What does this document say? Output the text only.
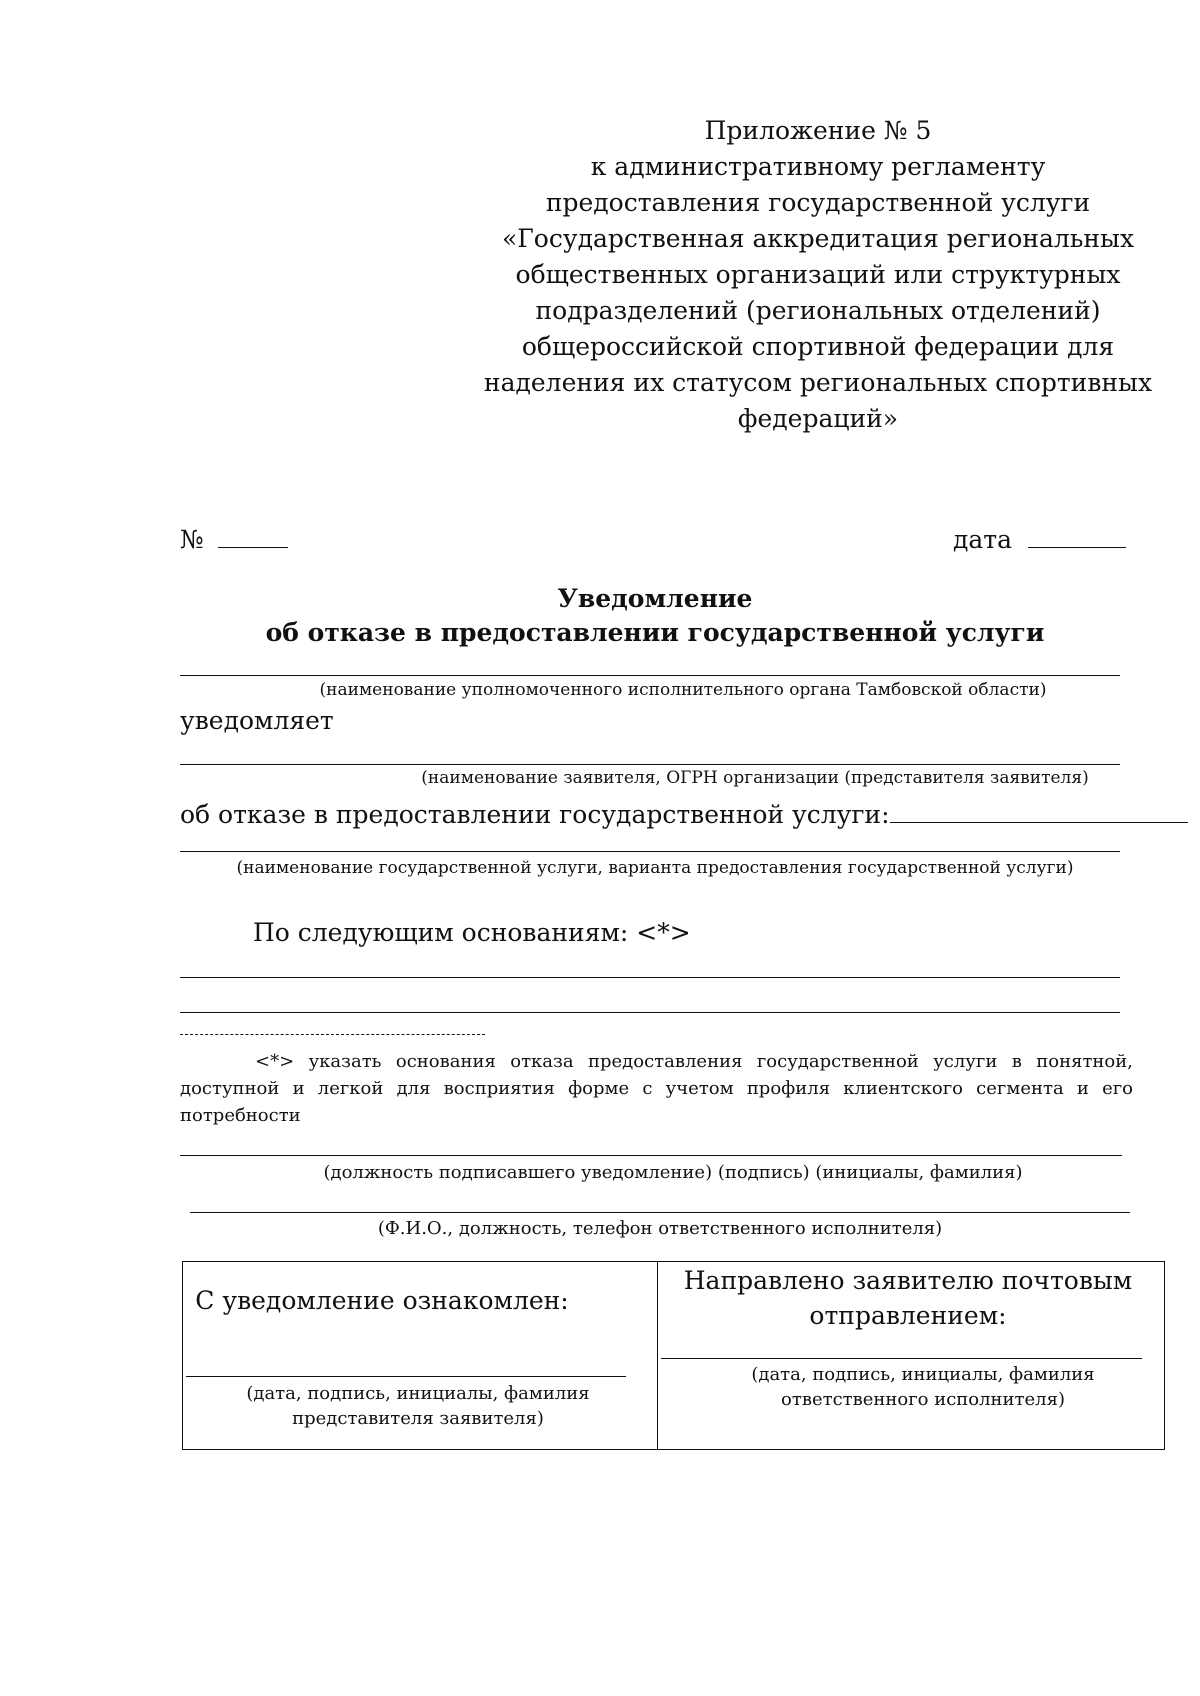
Приложение № 5
к административному регламенту
предоставления государственной услуги
«Государственная аккредитация региональных
общественных организаций или структурных
подразделений (региональных отделений)
общероссийской спортивной федерации для
наделения их статусом региональных спортивных
федераций»
№	дата
Уведомление
об отказе в предоставлении государственной услуги
(наименование уполномоченного исполнительного органа Тамбовской области)
уведомляет
(наименование заявителя, ОГРН организации (представителя заявителя)
об отказе в предоставлении государственной услуги:
(наименование государственной услуги, варианта предоставления государственной услуги)
По следующим основаниям: <*>
<*> указать основания отказа предоставления государственной услуги в понятной,
доступной и легкой для восприятия форме с учетом профиля клиентского сегмента и его
потребности
(должность подписавшего уведомление) (подпись) (инициалы, фамилия)
(Ф.И.О., должность, телефон ответственного исполнителя)
С уведомление ознакомлен:
(дата, подпись, инициалы, фамилия
представителя заявителя)
Направлено заявителю почтовым
отправлением:
(дата, подпись, инициалы, фамилия
ответственного исполнителя)
